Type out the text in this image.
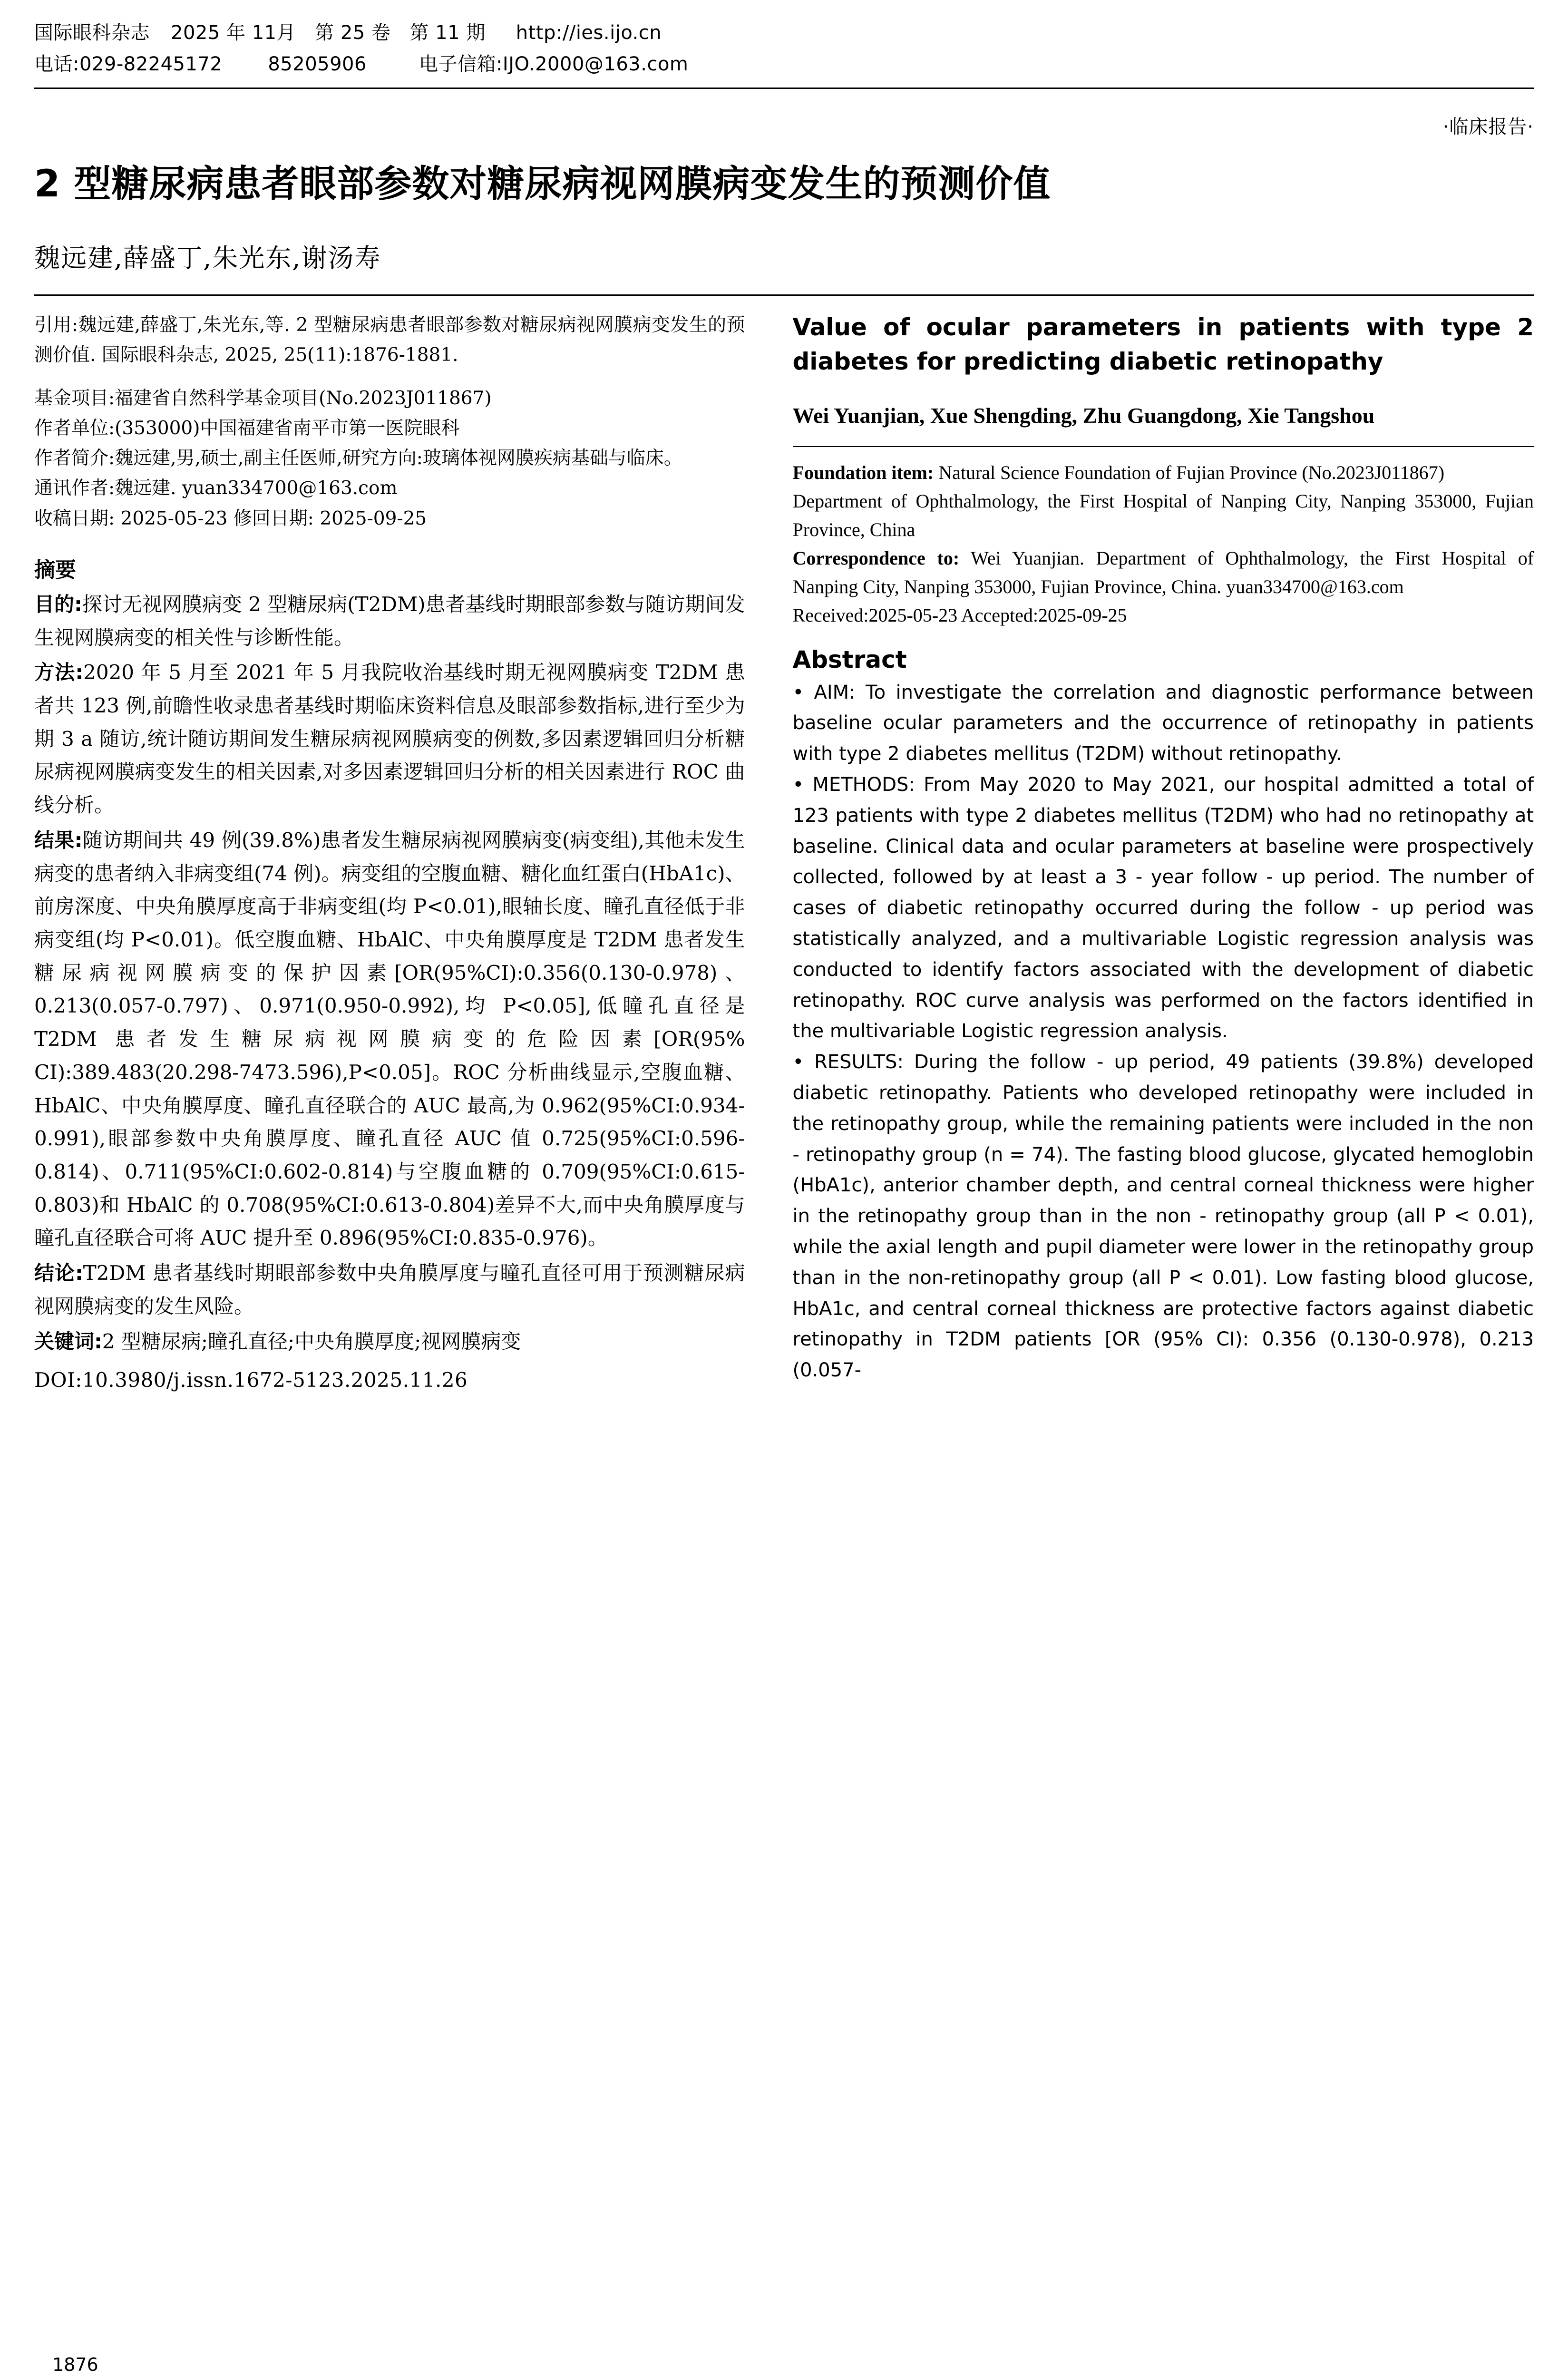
国际眼科杂志 2025 年 11月 第 25 卷 第 11 期 http://ies.ijo.cn
电话:029-82245172 85205906	电子信箱:IJO.2000@163.com
·临床报告·
2 型糖尿病患者眼部参数对糖尿病视网膜病变发生的预测价值
魏远建,薛盛丁,朱光东,谢汤寿

引用:魏远建,薛盛丁,朱光东,等. 2 型糖尿病患者眼部参数对糖尿病视网膜病变发生的预测价值. 国际眼科杂志, 2025, 25(11):1876-1881.

基金项目:福建省自然科学基金项目(No.2023J011867)

作者单位:(353000)中国福建省南平市第一医院眼科

作者简介:魏远建,男,硕士,副主任医师,研究方向:玻璃体视网膜疾病基础与临床。

通讯作者:魏远建. yuan334700@163.com

收稿日期: 2025-05-23 修回日期: 2025-09-25

摘要

目的:探讨无视网膜病变 2 型糖尿病(T2DM)患者基线时期眼部参数与随访期间发生视网膜病变的相关性与诊断性能。

方法:2020 年 5 月至 2021 年 5 月我院收治基线时期无视网膜病变 T2DM 患者共 123 例,前瞻性收录患者基线时期临床资料信息及眼部参数指标,进行至少为期 3 a 随访,统计随访期间发生糖尿病视网膜病变的例数,多因素逻辑回归分析糖尿病视网膜病变发生的相关因素,对多因素逻辑回归分析的相关因素进行 ROC 曲线分析。

结果:随访期间共 49 例(39.8%)患者发生糖尿病视网膜病变(病变组),其他未发生病变的患者纳入非病变组(74 例)。病变组的空腹血糖、糖化血红蛋白(HbA1c)、前房深度、中央角膜厚度高于非病变组(均 P<0.01),眼轴长度、瞳孔直径低于非病变组(均 P<0.01)。低空腹血糖、HbAlC、中央角膜厚度是 T2DM 患者发生糖尿病视网膜病变的保护因素[OR(95%CI):0.356(0.130-0.978)、0.213(0.057-0.797)、0.971(0.950-0.992),均 P<0.05],低瞳孔直径是 T2DM 患者发生糖尿病视网膜病变的危险因素[OR(95% CI):389.483(20.298-7473.596),P<0.05]。ROC 分析曲线显示,空腹血糖、HbAlC、中央角膜厚度、瞳孔直径联合的 AUC 最高,为 0.962(95%CI:0.934-0.991),眼部参数中央角膜厚度、瞳孔直径 AUC 值 0.725(95%CI:0.596-0.814)、0.711(95%CI:0.602-0.814)与空腹血糖的 0.709(95%CI:0.615-0.803)和 HbAlC 的 0.708(95%CI:0.613-0.804)差异不大,而中央角膜厚度与瞳孔直径联合可将 AUC 提升至 0.896(95%CI:0.835-0.976)。

结论:T2DM 患者基线时期眼部参数中央角膜厚度与瞳孔直径可用于预测糖尿病视网膜病变的发生风险。

关键词:2 型糖尿病;瞳孔直径;中央角膜厚度;视网膜病变

DOI:10.3980/j.issn.1672-5123.2025.11.26
Value of ocular parameters in patients with type 2 diabetes for predicting diabetic retinopathy
Wei Yuanjian, Xue Shengding, Zhu Guangdong, Xie Tangshou

Foundation item: Natural Science Foundation of Fujian Province (No.2023J011867)

Department of Ophthalmology, the First Hospital of Nanping City, Nanping 353000, Fujian Province, China

Correspondence to: Wei Yuanjian. Department of Ophthalmology, the First Hospital of Nanping City, Nanping 353000, Fujian Province, China. yuan334700@163.com

Received:2025-05-23 Accepted:2025-09-25

Abstract

• AIM: To investigate the correlation and diagnostic performance between baseline ocular parameters and the occurrence of retinopathy in patients with type 2 diabetes mellitus (T2DM) without retinopathy.

• METHODS: From May 2020 to May 2021, our hospital admitted a total of 123 patients with type 2 diabetes mellitus (T2DM) who had no retinopathy at baseline. Clinical data and ocular parameters at baseline were prospectively collected, followed by at least a 3 - year follow - up period. The number of cases of diabetic retinopathy occurred during the follow - up period was statistically analyzed, and a multivariable Logistic regression analysis was conducted to identify factors associated with the development of diabetic retinopathy. ROC curve analysis was performed on the factors identified in the multivariable Logistic regression analysis.

• RESULTS: During the follow - up period, 49 patients (39.8%) developed diabetic retinopathy. Patients who developed retinopathy were included in the retinopathy group, while the remaining patients were included in the non - retinopathy group (n = 74). The fasting blood glucose, glycated hemoglobin (HbA1c), anterior chamber depth, and central corneal thickness were higher in the retinopathy group than in the non - retinopathy group (all P < 0.01), while the axial length and pupil diameter were lower in the retinopathy group than in the non-retinopathy group (all P < 0.01). Low fasting blood glucose, HbA1c, and central corneal thickness are protective factors against diabetic retinopathy in T2DM patients [OR (95% CI): 0.356 (0.130-0.978), 0.213 (0.057-

1876
